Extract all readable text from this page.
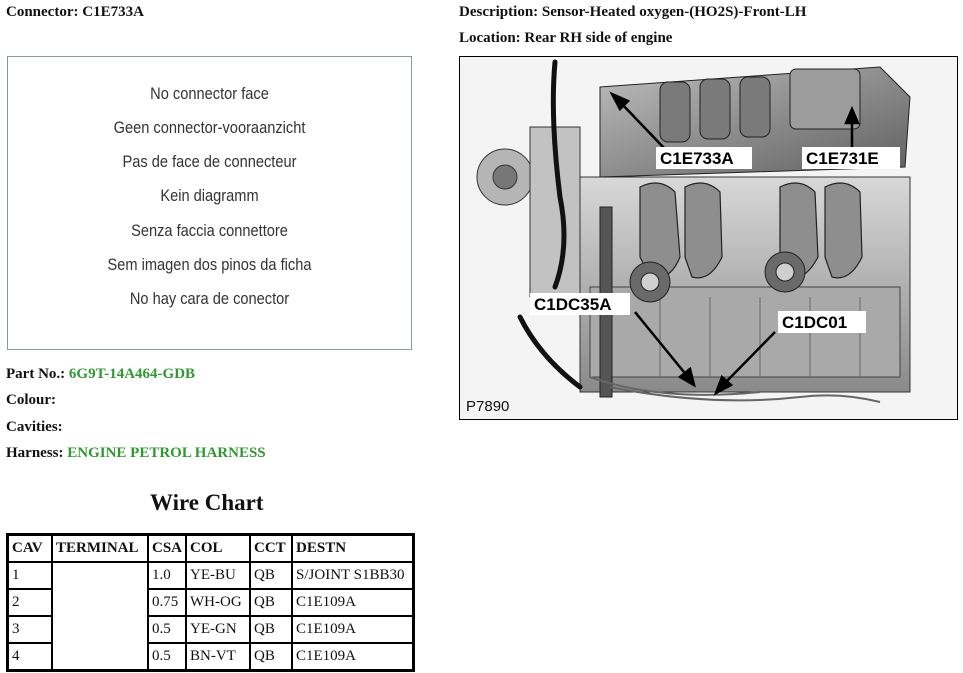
Connector: C1E733A	Description: Sensor-Heated oxygen-(HO2S)-Front-LH
Location: Rear RH side of engine
No connector face
Geen connector-vooraanzicht
Pas de face de connecteur
Kein diagramm
Senza faccia connettore
Sem imagen dos pinos da ficha
No hay cara de conector
Part No.: 6G9T-14A464-GDB
Colour:
Cavities:
Harness: ENGINE PETROL HARNESS
Wire Chart
CAV	TERMINAL	CSA	COL	CCT	DESTN
1		1.0	YE-BU	QB	S/JOINT S1BB30
2		0.75	WH-OG	QB	C1E109A
3		0.5	YE-GN	QB	C1E109A
4		0.5	BN-VT	QB	C1E109A
C1E733A	C1E731E
C1DC35A
C1DC01
P7890
